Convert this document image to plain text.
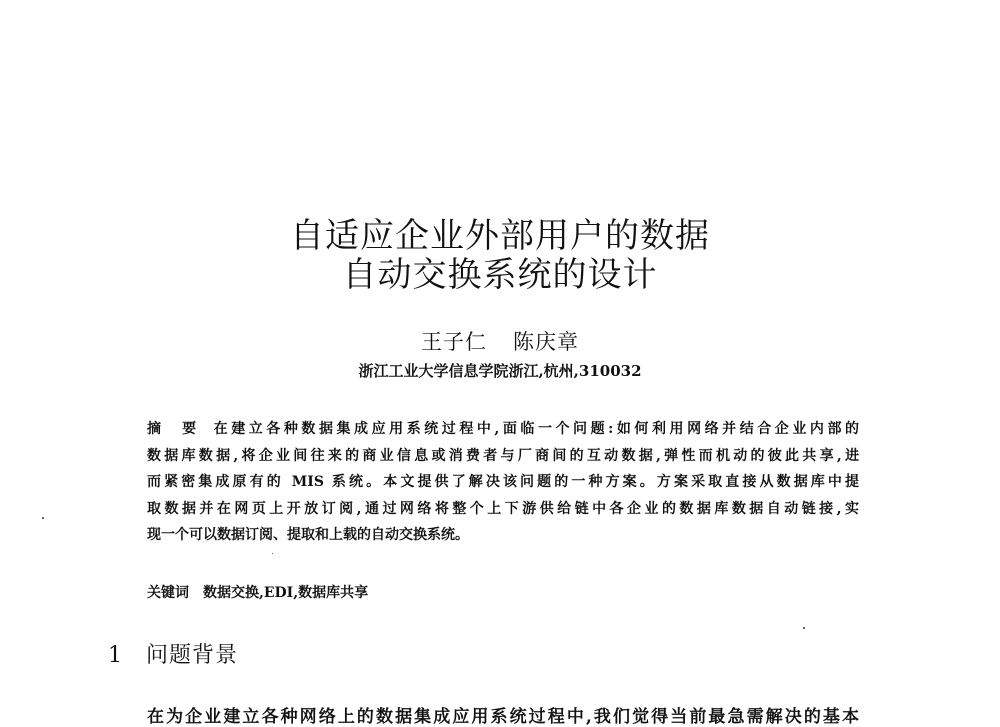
自适应企业外部用户的数据
自动交换系统的设计
王子仁 陈庆章
浙江工业大学信息学院浙江,杭州,310032
摘　要 在建立各种数据集成应用系统过程中,面临一个问题:如何利用网络并结合企业内部的
数据库数据,将企业间往来的商业信息或消费者与厂商间的互动数据,弹性而机动的彼此共享,进
而紧密集成原有的 MIS 系统。本文提供了解决该问题的一种方案。方案采取直接从数据库中提
取数据并在网页上开放订阅,通过网络将整个上下游供给链中各企业的数据库数据自动链接,实
现一个可以数据订阅、提取和上载的自动交换系统。
关键词 数据交换,EDI,数据库共享
1 问题背景
在为企业建立各种网络上的数据集成应用系统过程中,我们觉得当前最急需解决的基本
